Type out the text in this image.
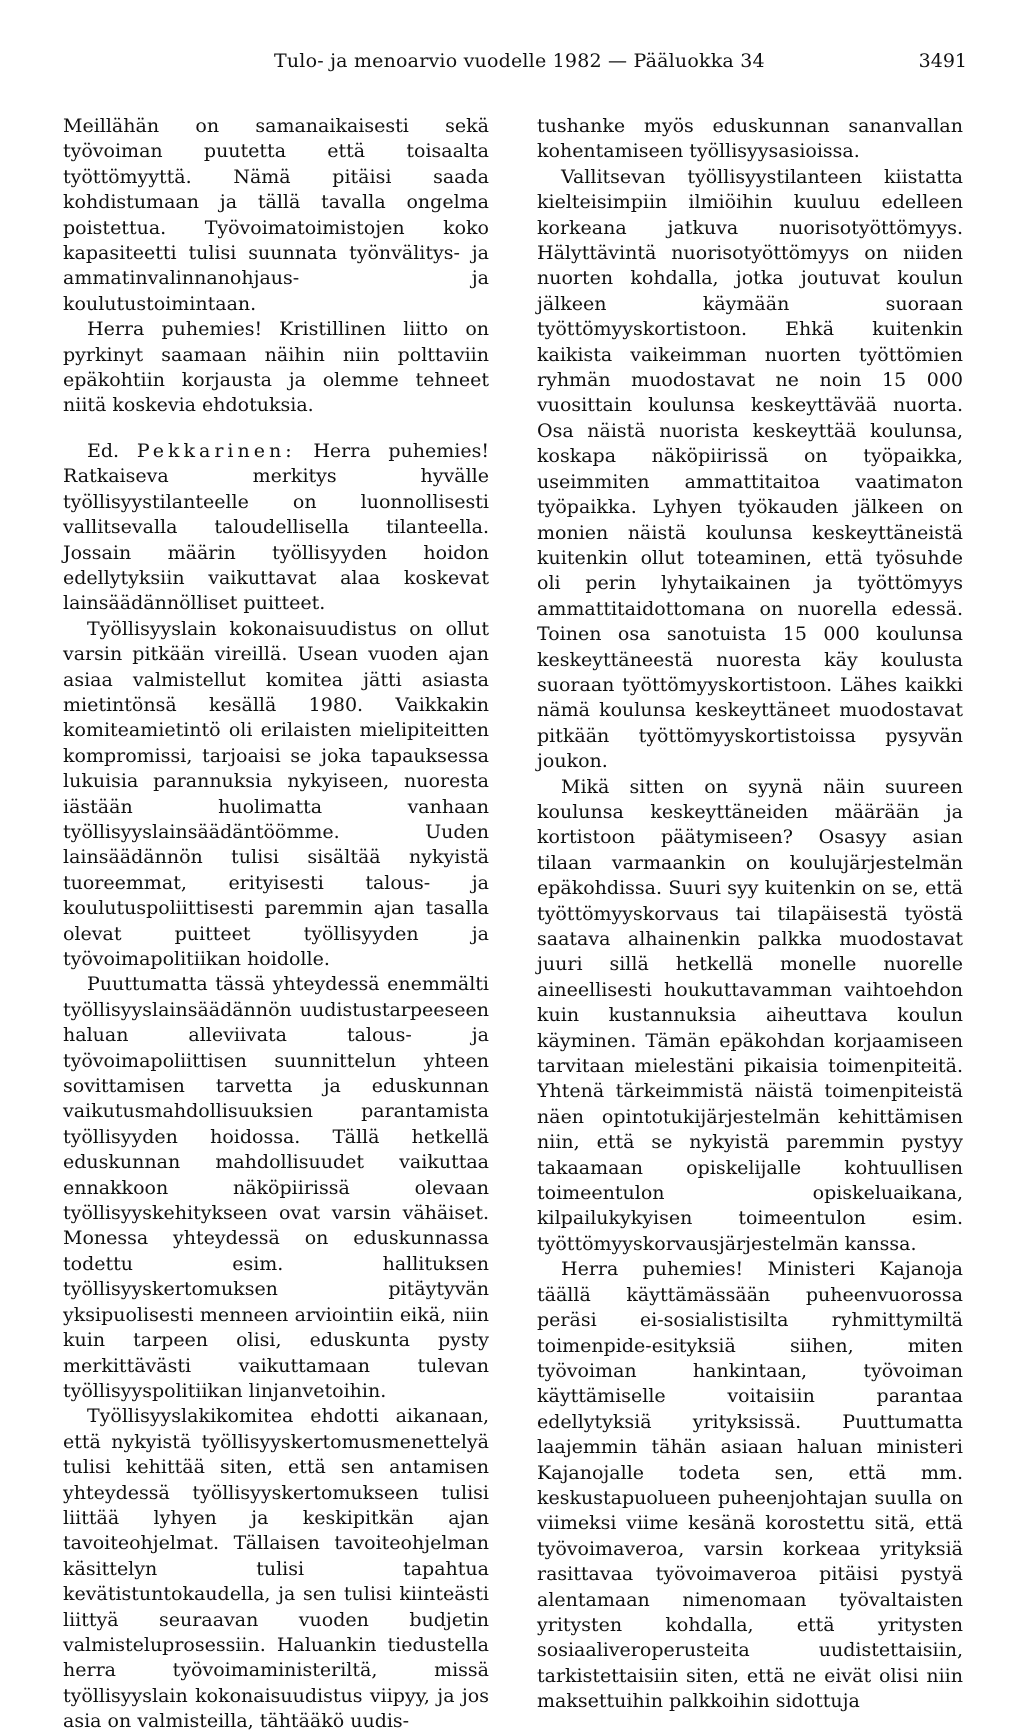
Tulo- ja menoarvio vuodelle 1982 — Pääluokka 34	3491

Meillähän on samanaikaisesti sekä työvoiman puutetta että toisaalta työttömyyttä. Nämä pitäisi saada kohdistumaan ja tällä tavalla ongelma poistettua. Työvoimatoimistojen koko kapasiteetti tulisi suunnata työnvälitys- ja ammatinvalinnanohjaus- ja koulutustoimintaan.

Herra puhemies! Kristillinen liitto on pyrkinyt saamaan näihin niin polttaviin epäkohtiin korjausta ja olemme tehneet niitä koskevia ehdotuksia.

Ed. Pekkarinen: Herra puhemies! Ratkaiseva merkitys hyvälle työllisyystilanteelle on luonnollisesti vallitsevalla taloudellisella tilanteella. Jossain määrin työllisyyden hoidon edellytyksiin vaikuttavat alaa koskevat lainsäädännölliset puitteet.

Työllisyyslain kokonaisuudistus on ollut varsin pitkään vireillä. Usean vuoden ajan asiaa valmistellut komitea jätti asiasta mietintönsä kesällä 1980. Vaikkakin komiteamietintö oli erilaisten mielipiteitten kompromissi, tarjoaisi se joka tapauksessa lukuisia parannuksia nykyiseen, nuoresta iästään huolimatta vanhaan työllisyyslainsäädäntöömme. Uuden lainsäädännön tulisi sisältää nykyistä tuoreemmat, erityisesti talous- ja koulutuspoliittisesti paremmin ajan tasalla olevat puitteet työllisyyden ja työvoimapolitiikan hoidolle.

Puuttumatta tässä yhteydessä enemmälti työllisyyslainsäädännön uudistustarpeeseen haluan alleviivata talous- ja työvoimapoliittisen suunnittelun yhteen sovittamisen tarvetta ja eduskunnan vaikutusmahdollisuuksien parantamista työllisyyden hoidossa. Tällä hetkellä eduskunnan mahdollisuudet vaikuttaa ennakkoon näköpiirissä olevaan työllisyyskehitykseen ovat varsin vähäiset. Monessa yhteydessä on eduskunnassa todettu esim. hallituksen työllisyyskertomuksen pitäytyvän yksipuolisesti menneen arviointiin eikä, niin kuin tarpeen olisi, eduskunta pysty merkittävästi vaikuttamaan tulevan työllisyyspolitiikan linjanvetoihin.

Työllisyyslakikomitea ehdotti aikanaan, että nykyistä työllisyyskertomusmenettelyä tulisi kehittää siten, että sen antamisen yhteydessä työllisyyskertomukseen tulisi liittää lyhyen ja keskipitkän ajan tavoiteohjelmat. Tällaisen tavoiteohjelman käsittelyn tulisi tapahtua kevätistuntokaudella, ja sen tulisi kiinteästi liittyä seuraavan vuoden budjetin valmisteluprosessiin. Haluankin tiedustella herra työvoimaministeriltä, missä työllisyyslain kokonaisuudistus viipyy, ja jos asia on valmisteilla, tähtääkö uudis-

tushanke myös eduskunnan sananvallan kohentamiseen työllisyysasioissa.

Vallitsevan työllisyystilanteen kiistatta kielteisimpiin ilmiöihin kuuluu edelleen korkeana jatkuva nuorisotyöttömyys. Hälyttävintä nuorisotyöttömyys on niiden nuorten kohdalla, jotka joutuvat koulun jälkeen käymään suoraan työttömyyskortistoon. Ehkä kuitenkin kaikista vaikeimman nuorten työttömien ryhmän muodostavat ne noin 15 000 vuosittain koulunsa keskeyttävää nuorta. Osa näistä nuorista keskeyttää koulunsa, koskapa näköpiirissä on työpaikka, useimmiten ammattitaitoa vaatimaton työpaikka. Lyhyen työkauden jälkeen on monien näistä koulunsa keskeyttäneistä kuitenkin ollut toteaminen, että työsuhde oli perin lyhytaikainen ja työttömyys ammattitaidottomana on nuorella edessä. Toinen osa sanotuista 15 000 koulunsa keskeyttäneestä nuoresta käy koulusta suoraan työttömyyskortistoon. Lähes kaikki nämä koulunsa keskeyttäneet muodostavat pitkään työttömyyskortistoissa pysyvän joukon.

Mikä sitten on syynä näin suureen koulunsa keskeyttäneiden määrään ja kortistoon päätymiseen? Osasyy asian tilaan varmaankin on koulujärjestelmän epäkohdissa. Suuri syy kuitenkin on se, että työttömyyskorvaus tai tilapäisestä työstä saatava alhainenkin palkka muodostavat juuri sillä hetkellä monelle nuorelle aineellisesti houkuttavamman vaihtoehdon kuin kustannuksia aiheuttava koulun käyminen. Tämän epäkohdan korjaamiseen tarvitaan mielestäni pikaisia toimenpiteitä. Yhtenä tärkeimmistä näistä toimenpiteistä näen opintotukijärjestelmän kehittämisen niin, että se nykyistä paremmin pystyy takaamaan opiskelijalle kohtuullisen toimeentulon opiskeluaikana, kilpailukykyisen toimeentulon esim. työttömyyskorvausjärjestelmän kanssa.

Herra puhemies! Ministeri Kajanoja täällä käyttämässään puheenvuorossa peräsi ei-sosialistisilta ryhmittymiltä toimenpide-esityksiä siihen, miten työvoiman hankintaan, työvoiman käyttämiselle voitaisiin parantaa edellytyksiä yrityksissä. Puuttumatta laajemmin tähän asiaan haluan ministeri Kajanojalle todeta sen, että mm. keskustapuolueen puheenjohtajan suulla on viimeksi viime kesänä korostettu sitä, että työvoimaveroa, varsin korkeaa yrityksiä rasittavaa työvoimaveroa pitäisi pystyä alentamaan nimenomaan työvaltaisten yritysten kohdalla, että yritysten sosiaaliveroperusteita uudistettaisiin, tarkistettaisiin siten, että ne eivät olisi niin maksettuihin palkkoihin sidottuja
